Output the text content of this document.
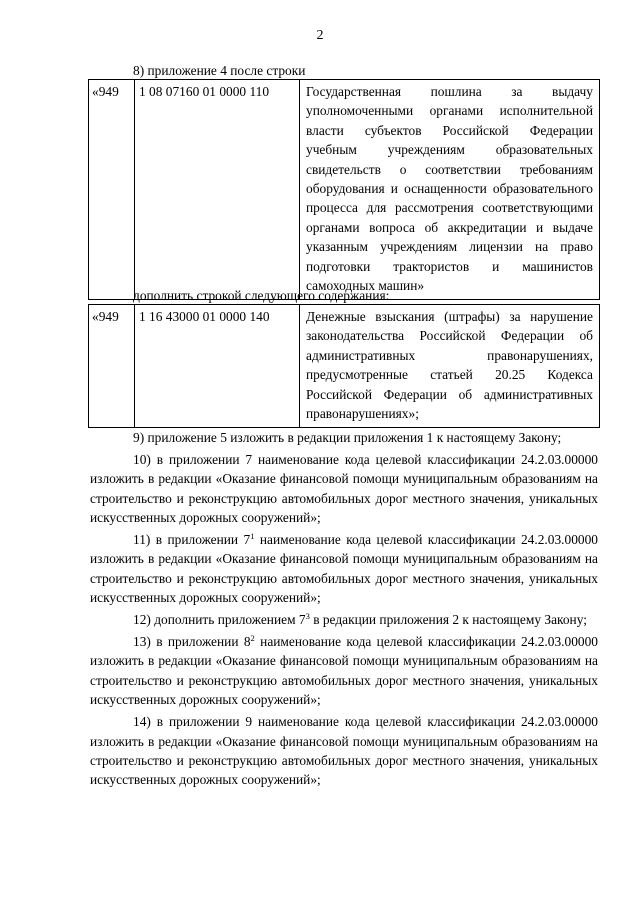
2
8) приложение 4 после строки
«949	1 08 07160 01 0000 110	Государственная пошлина за выдачу уполномоченными органами исполнительной власти субъектов Российской Федерации учебным учреждениям образовательных свидетельств о соответствии требованиям оборудования и оснащенности образовательного процесса для рассмотрения соответствующими органами вопроса об аккредитации и выдаче указанным учреждениям лицензии на право подготовки трактористов и машинистов самоходных машин»
дополнить строкой следующего содержания:
«949	1 16 43000 01 0000 140	Денежные взыскания (штрафы) за нарушение законодательства Российской Федерации об административных правонарушениях, предусмотренные статьей 20.25 Кодекса Российской Федерации об административных правонарушениях»;

9) приложение 5 изложить в редакции приложения 1 к настоящему Закону;

10) в приложении 7 наименование кода целевой классификации 24.2.03.00000 изложить в редакции «Оказание финансовой помощи муниципальным образованиям на строительство и реконструкцию автомобильных дорог местного значения, уникальных искусственных дорожных сооружений»;

11) в приложении $7^1$ наименование кода целевой классификации 24.2.03.00000 изложить в редакции «Оказание финансовой помощи муниципальным образованиям на строительство и реконструкцию автомобильных дорог местного значения, уникальных искусственных дорожных сооружений»;

12) дополнить приложением $7^3$ в редакции приложения 2 к настоящему Закону;

13) в приложении $8^2$ наименование кода целевой классификации 24.2.03.00000 изложить в редакции «Оказание финансовой помощи муниципальным образованиям на строительство и реконструкцию автомобильных дорог местного значения, уникальных искусственных дорожных сооружений»;

14) в приложении 9 наименование кода целевой классификации 24.2.03.00000 изложить в редакции «Оказание финансовой помощи муниципальным образованиям на строительство и реконструкцию автомобильных дорог местного значения, уникальных искусственных дорожных сооружений»;
